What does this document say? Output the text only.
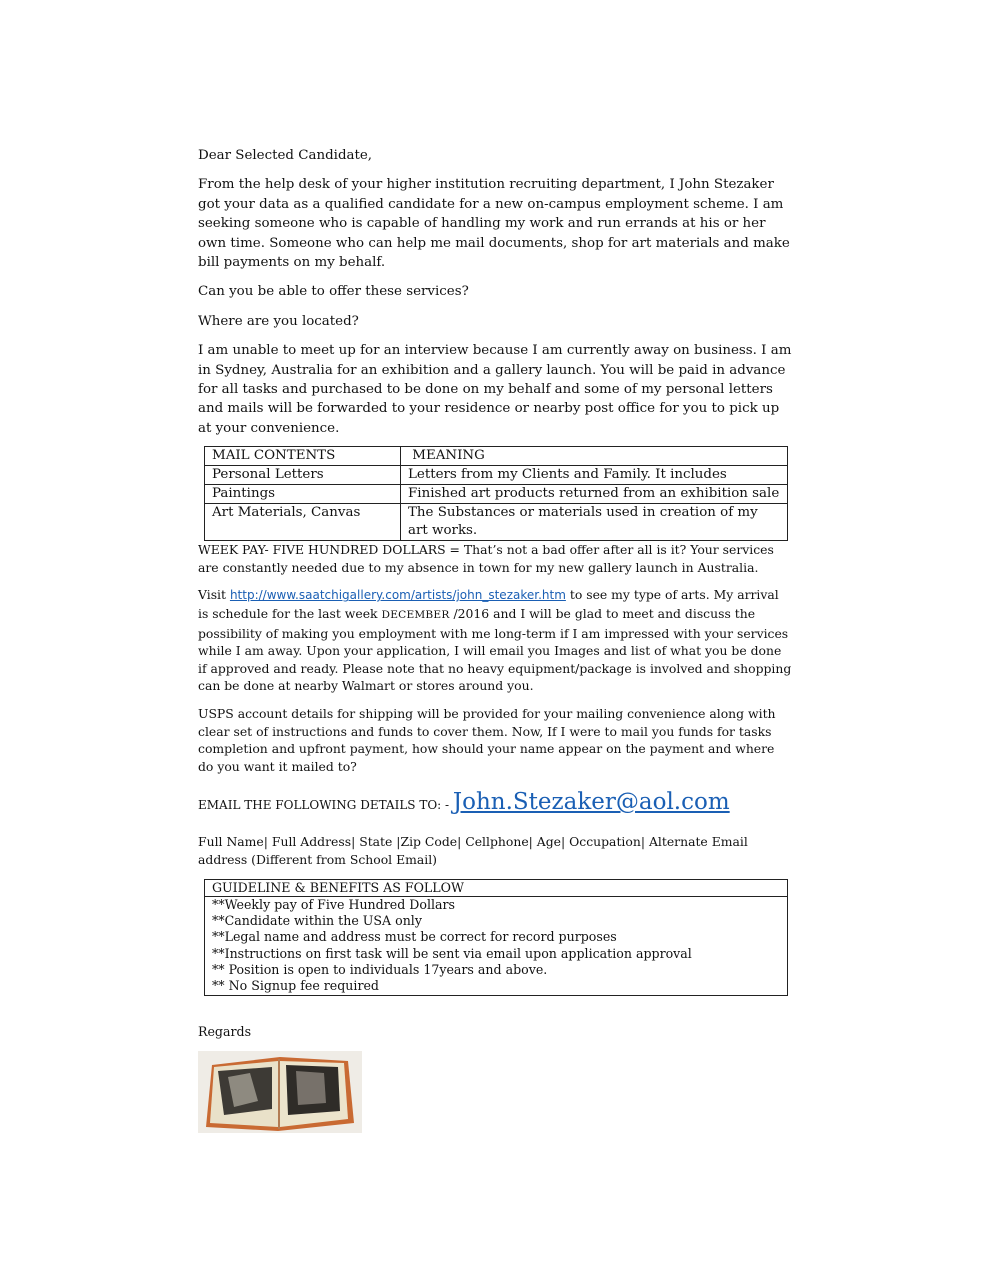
Dear Selected Candidate,

From the help desk of your higher institution recruiting department, I John Stezaker got your data as a qualified candidate for a new on-campus employment scheme. I am seeking someone who is capable of handling my work and run errands at his or her own time. Someone who can help me mail documents, shop for art materials and make bill payments on my behalf.

Can you be able to offer these services?

Where are you located?

I am unable to meet up for an interview because I am currently away on business. I am in Sydney, Australia for an exhibition and a gallery launch. You will be paid in advance for all tasks and purchased to be done on my behalf and some of my personal letters and mails will be forwarded to your residence or nearby post office for you to pick up at your convenience.

MAIL CONTENTS	MEANING
Personal Letters	Letters from my Clients and Family. It includes
Paintings	Finished art products returned from an exhibition sale
Art Materials, Canvas	The Substances or materials used in creation of my art works.

WEEK PAY- FIVE HUNDRED DOLLARS = That’s not a bad offer after all is it? Your services are constantly needed due to my absence in town for my new gallery launch in Australia.

Visit http://www.saatchigallery.com/artists/john_stezaker.htm to see my type of arts. My arrival is schedule for the last week DECEMBER /2016 and I will be glad to meet and discuss the possibility of making you employment with me long-term if I am impressed with your services while I am away. Upon your application, I will email you Images and list of what you be done if approved and ready. Please note that no heavy equipment/package is involved and shopping can be done at nearby Walmart or stores around you.

USPS account details for shipping will be provided for your mailing convenience along with clear set of instructions and funds to cover them. Now, If I were to mail you funds for tasks completion and upfront payment, how should your name appear on the payment and where do you want it mailed to?

EMAIL THE FOLLOWING DETAILS TO: - John.Stezaker@aol.com

Full Name| Full Address| State |Zip Code| Cellphone| Age| Occupation| Alternate Email address (Different from School Email)

GUIDELINE & BENEFITS AS FOLLOW
**Weekly pay of Five Hundred Dollars
**Candidate within the USA only
**Legal name and address must be correct for record purposes
**Instructions on first task will be sent via email upon application approval
** Position is open to individuals 17years and above.
** No Signup fee required

Regards
